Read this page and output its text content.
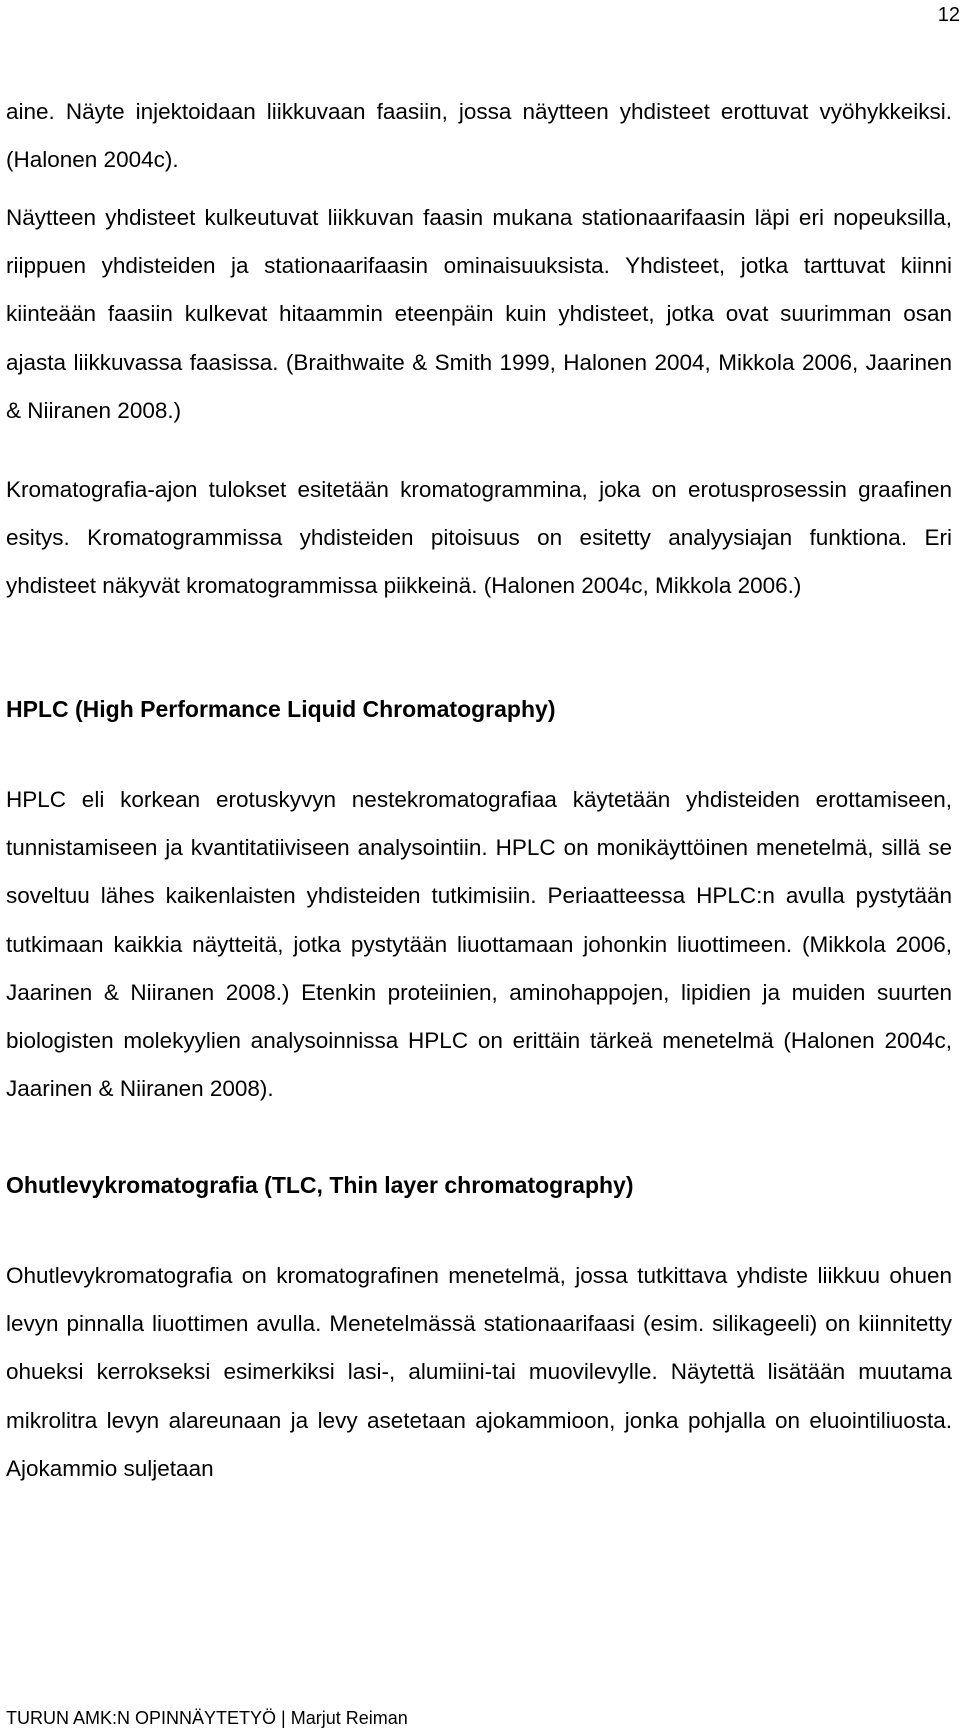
12

aine. Näyte injektoidaan liikkuvaan faasiin, jossa näytteen yhdisteet erottuvat vyöhykkeiksi. (Halonen 2004c).

Näytteen yhdisteet kulkeutuvat liikkuvan faasin mukana stationaarifaasin läpi eri nopeuksilla, riippuen yhdisteiden ja stationaarifaasin ominaisuuksista. Yhdisteet, jotka tarttuvat kiinni kiinteään faasiin kulkevat hitaammin eteenpäin kuin yhdisteet, jotka ovat suurimman osan ajasta liikkuvassa faasissa. (Braithwaite & Smith 1999, Halonen 2004, Mikkola 2006, Jaarinen & Niiranen 2008.)

Kromatografia-ajon tulokset esitetään kromatogrammina, joka on erotusprosessin graafinen esitys. Kromatogrammissa yhdisteiden pitoisuus on esitetty analyysiajan funktiona. Eri yhdisteet näkyvät kromatogrammissa piikkeinä. (Halonen 2004c, Mikkola 2006.)

HPLC (High Performance Liquid Chromatography)

HPLC eli korkean erotuskyvyn nestekromatografiaa käytetään yhdisteiden erottamiseen, tunnistamiseen ja kvantitatiiviseen analysointiin. HPLC on monikäyttöinen menetelmä, sillä se soveltuu lähes kaikenlaisten yhdisteiden tutkimisiin. Periaatteessa HPLC:n avulla pystytään tutkimaan kaikkia näytteitä, jotka pystytään liuottamaan johonkin liuottimeen. (Mikkola 2006, Jaarinen & Niiranen 2008.) Etenkin proteiinien, aminohappojen, lipidien ja muiden suurten biologisten molekyylien analysoinnissa HPLC on erittäin tärkeä menetelmä (Halonen 2004c, Jaarinen & Niiranen 2008).

Ohutlevykromatografia (TLC, Thin layer chromatography)

Ohutlevykromatografia on kromatografinen menetelmä, jossa tutkittava yhdiste liikkuu ohuen levyn pinnalla liuottimen avulla. Menetelmässä stationaarifaasi (esim. silikageeli) on kiinnitetty ohueksi kerrokseksi esimerkiksi lasi-, alumiini-tai muovilevylle. Näytettä lisätään muutama mikrolitra levyn alareunaan ja levy asetetaan ajokammioon, jonka pohjalla on eluointiliuosta. Ajokammio suljetaan

TURUN AMK:N OPINNÄYTETYÖ | Marjut Reiman
